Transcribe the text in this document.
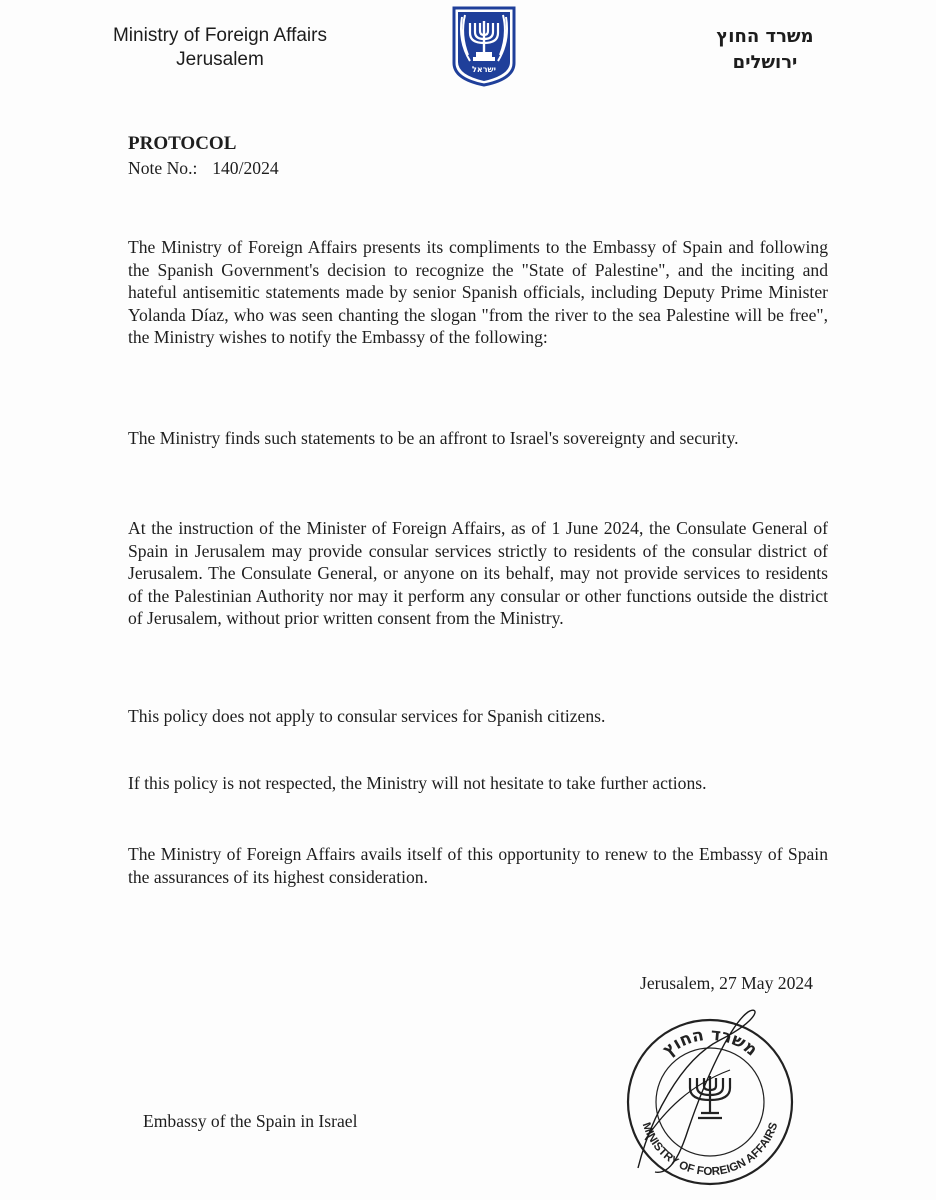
Ministry of Foreign Affairs
Jerusalem	ישראל
משרד החוץ
ירושלים
PROTOCOL
Note No.: 140/2024

The Ministry of Foreign Affairs presents its compliments to the Embassy of Spain and following the Spanish Government's decision to recognize the "State of Palestine", and the inciting and hateful antisemitic statements made by senior Spanish officials, including Deputy Prime Minister Yolanda Díaz, who was seen chanting the slogan "from the river to the sea Palestine will be free", the Ministry wishes to notify the Embassy of the following:

The Ministry finds such statements to be an affront to Israel's sovereignty and security.

At the instruction of the Minister of Foreign Affairs, as of 1 June 2024, the Consulate General of Spain in Jerusalem may provide consular services strictly to residents of the consular district of Jerusalem. The Consulate General, or anyone on its behalf, may not provide services to residents of the Palestinian Authority nor may it perform any consular or other functions outside the district of Jerusalem, without prior written consent from the Ministry.

This policy does not apply to consular services for Spanish citizens.

If this policy is not respected, the Ministry will not hesitate to take further actions.

The Ministry of Foreign Affairs avails itself of this opportunity to renew to the Embassy of Spain the assurances of its highest consideration.

Jerusalem, 27 May 2024
משרד החוץ
MINISTRY OF FOREIGN AFFAIRS
Embassy of the Spain in Israel
